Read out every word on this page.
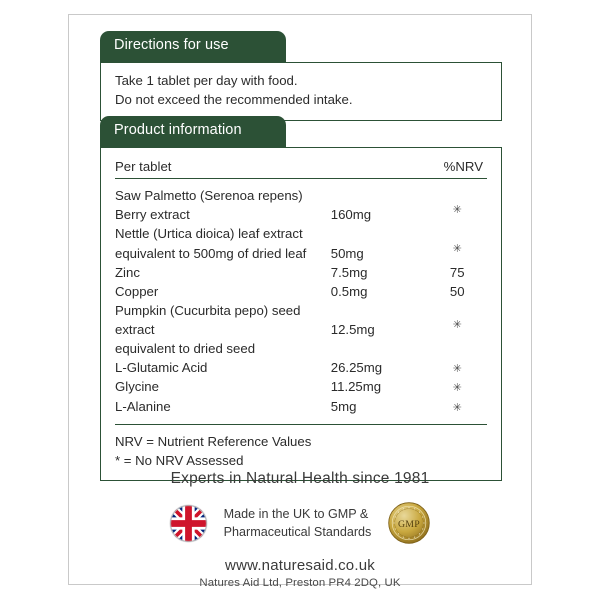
Directions for use
Take 1 tablet per day with food.
Do not exceed the recommended intake.
Product information
Per tablet		%NRV

Saw Palmetto (Serenoa repens)
Berry extract	160mg	✳

Nettle (Urtica dioica) leaf extract
equivalent to 500mg of dried leaf	50mg	✳

Zinc	7.5mg	75

Copper	0.5mg	50

Pumpkin (Cucurbita pepo) seed extract
equivalent to dried seed	12.5mg	✳

L-Glutamic Acid	26.25mg	✳

Glycine	11.25mg	✳

L-Alanine	5mg	✳
NRV = Nutrient Reference Values
* = No NRV Assessed
Experts in Natural Health since 1981
Made in the UK to GMP &
Pharmaceutical Standards
GMP
www.naturesaid.co.uk
Natures Aid Ltd, Preston PR4 2DQ, UK
